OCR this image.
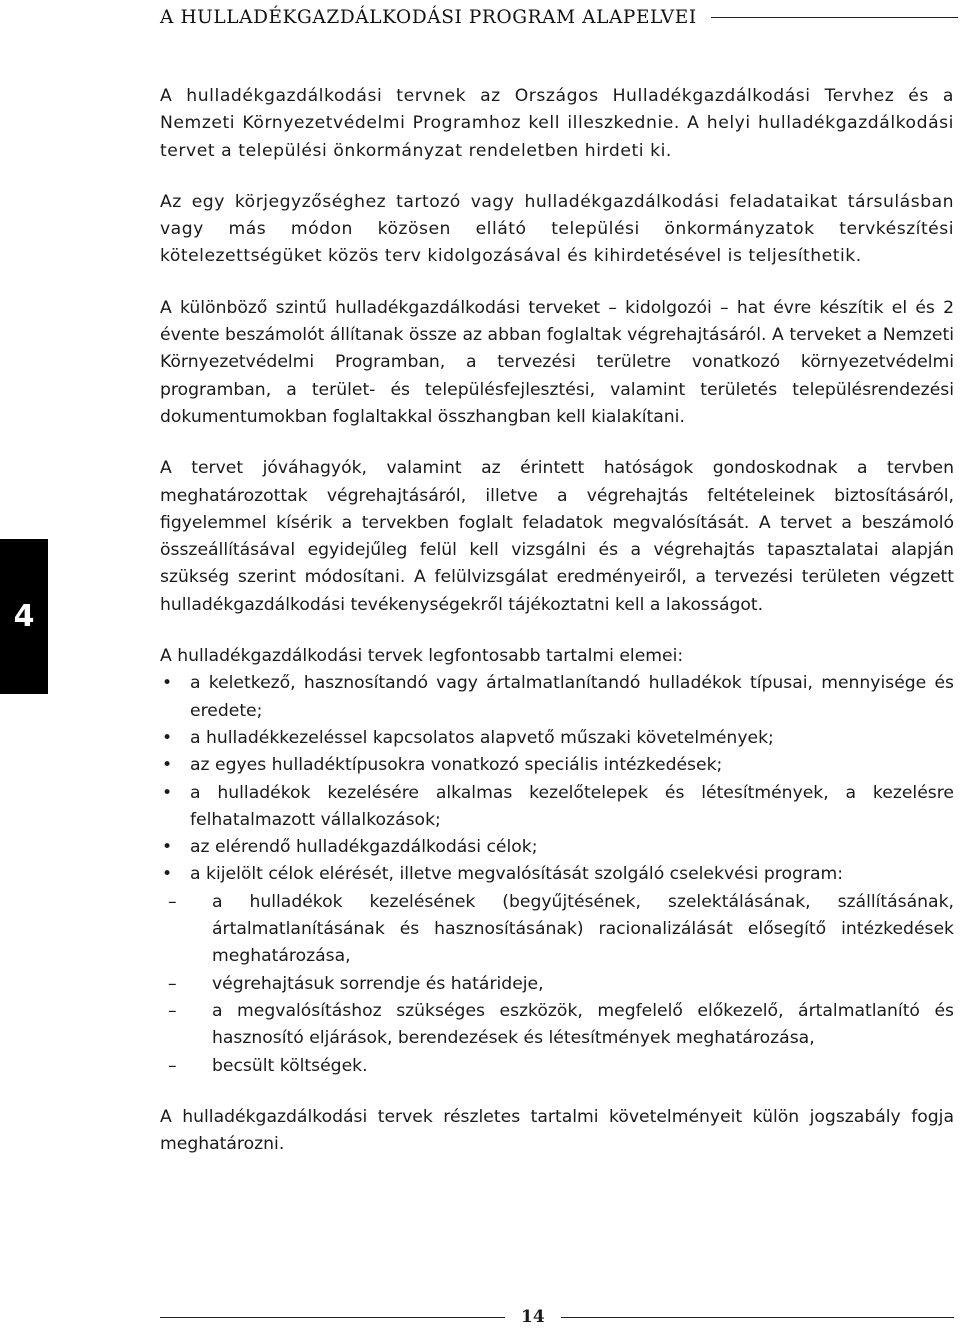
A HULLADÉKGAZDÁLKODÁSI PROGRAM ALAPELVEI
4

A hulladékgazdálkodási tervnek az Országos Hulladékgazdálkodási Tervhez és a Nemzeti Környezetvédelmi Programhoz kell illeszkednie. A helyi hulladékgazdálkodási tervet a települési önkormányzat rendeletben hirdeti ki.

Az egy körjegyzőséghez tartozó vagy hulladékgazdálkodási feladataikat társulásban vagy más módon közösen ellátó települési önkormányzatok tervkészítési kötelezettségüket közös terv kidolgozásával és kihirdetésével is teljesíthetik.

A különböző szintű hulladékgazdálkodási terveket – kidolgozói – hat évre készítik el és 2 évente beszámolót állítanak össze az abban foglaltak végrehajtásáról. A terveket a Nemzeti Környezetvédelmi Programban, a tervezési területre vonatkozó környezetvédelmi programban, a terület- és településfejlesztési, valamint területés településrendezési dokumentumokban foglaltakkal összhangban kell kialakítani.

A tervet jóváhagyók, valamint az érintett hatóságok gondoskodnak a tervben meghatározottak végrehajtásáról, illetve a végrehajtás feltételeinek biztosításáról, figyelemmel kísérik a tervekben foglalt feladatok megvalósítását. A tervet a beszámoló összeállításával egyidejűleg felül kell vizsgálni és a végrehajtás tapasztalatai alapján szükség szerint módosítani. A felülvizsgálat eredményeiről, a tervezési területen végzett hulladékgazdálkodási tevékenységekről tájékoztatni kell a lakosságot.

A hulladékgazdálkodási tervek legfontosabb tartalmi elemei:

• a keletkező, hasznosítandó vagy ártalmatlanítandó hulladékok típusai, mennyisége és eredete;
• a hulladékkezeléssel kapcsolatos alapvető műszaki követelmények;
• az egyes hulladéktípusokra vonatkozó speciális intézkedések;
• a hulladékok kezelésére alkalmas kezelőtelepek és létesítmények, a kezelésre felhatalmazott vállalkozások;
• az elérendő hulladékgazdálkodási célok;
• a kijelölt célok elérését, illetve megvalósítását szolgáló cselekvési program:
– a hulladékok kezelésének (begyűjtésének, szelektálásának, szállításának, ártalmatlanításának és hasznosításának) racionalizálását elősegítő intézkedések meghatározása,
– végrehajtásuk sorrendje és határideje,
– a megvalósításhoz szükséges eszközök, megfelelő előkezelő, ártalmatlanító és hasznosító eljárások, berendezések és létesítmények meghatározása,
– becsült költségek.

A hulladékgazdálkodási tervek részletes tartalmi követelményeit külön jogszabály fogja meghatározni.

14
